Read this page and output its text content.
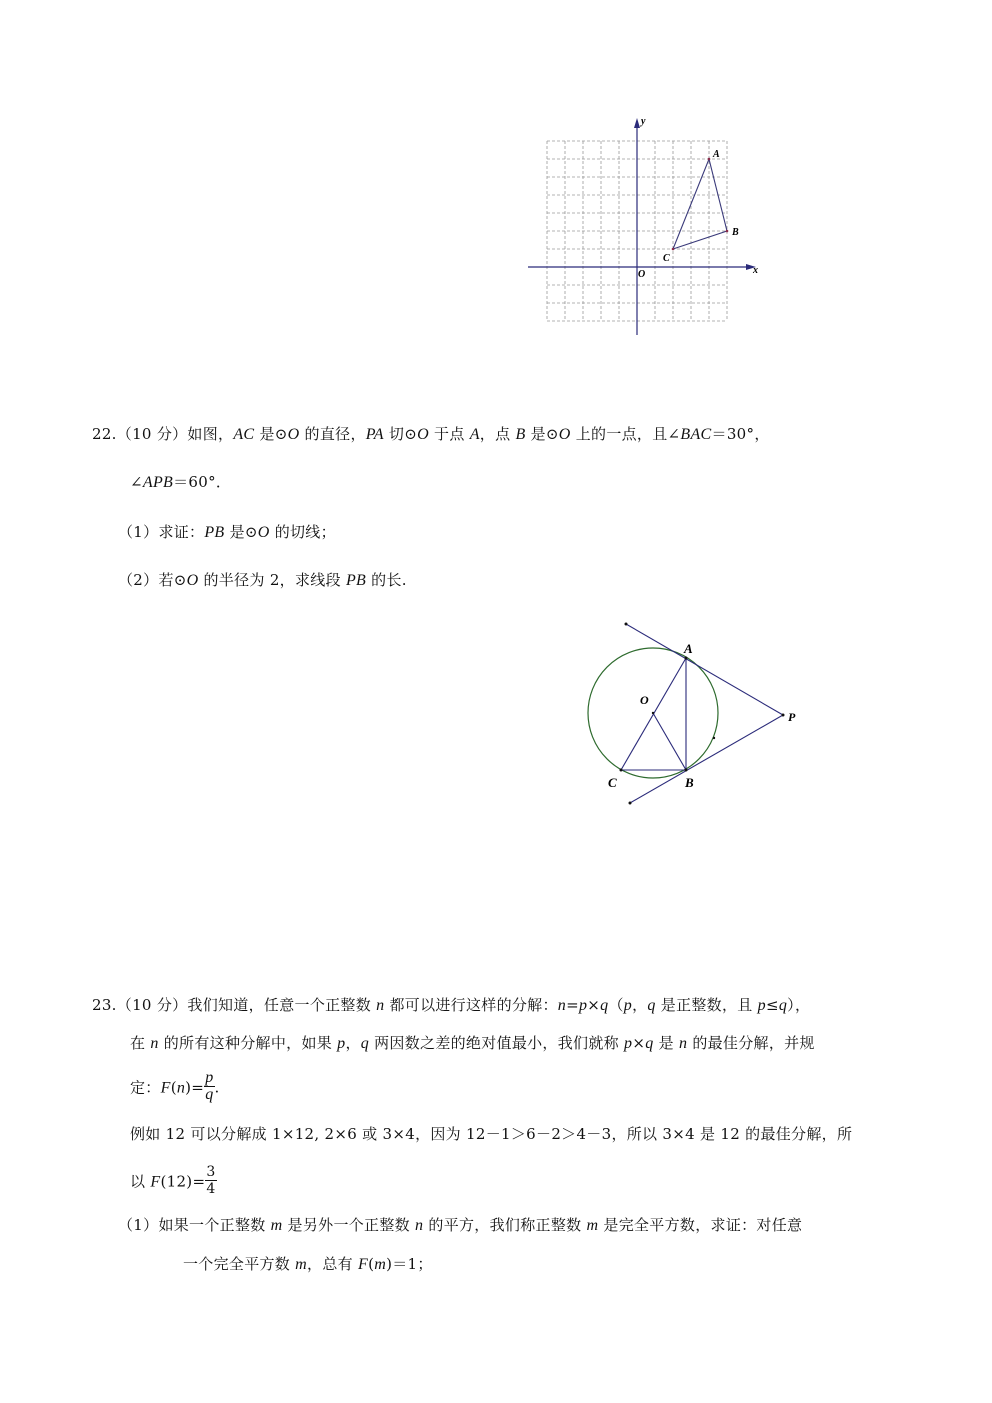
A
B
C
x
y
O
22.（10 分）如图，AC 是⊙O 的直径，PA 切⊙O 于点 A，点 B 是⊙O 上的一点，且∠BAC＝30°，
∠APB＝60°．
（1）求证：PB 是⊙O 的切线；
（2）若⊙O 的半径为 2，求线段 PB 的长.
A
O
P
C	B
23.（10 分）我们知道，任意一个正整数 n 都可以进行这样的分解：n=p×q（p，q 是正整数，且 p≤q），
在 n 的所有这种分解中，如果 p，q 两因数之差的绝对值最小，我们就称 p×q 是 n 的最佳分解，并规
定：$F(n)= \frac{p}{q}$ .
例如 12 可以分解成 1×12, 2×6 或 3×4，因为 12－1＞6－2＞4－3，所以 3×4 是 12 的最佳分解，所
以 $F(12)= \frac{3}{4}$
（1）如果一个正整数 m 是另外一个正整数 n 的平方，我们称正整数 m 是完全平方数，求证：对任意
一个完全平方数 m，总有 F(m)＝1；
